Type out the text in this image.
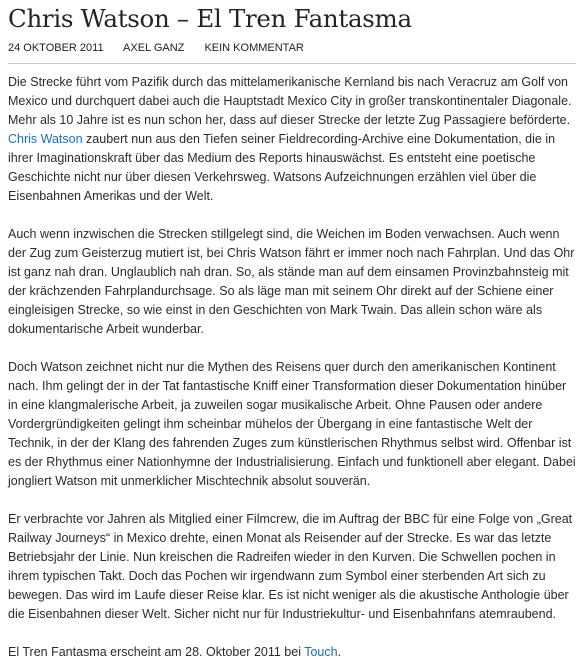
Chris Watson – El Tren Fantasma
24 OKTOBER 2011 AXEL GANZ KEIN KOMMENTAR

Die Strecke führt vom Pazifik durch das mittelamerikanische Kernland bis nach Veracruz am Golf von Mexico und durchquert dabei auch die Hauptstadt Mexico City in großer transkontinentaler Diagonale. Mehr als 10 Jahre ist es nun schon her, dass auf dieser Strecke der letzte Zug Passagiere beförderte. Chris Watson zaubert nun aus den Tiefen seiner Fieldrecording-Archive eine Dokumentation, die in ihrer Imaginationskraft über das Medium des Reports hinauswächst. Es entsteht eine poetische Geschichte nicht nur über diesen Verkehrsweg. Watsons Aufzeichnungen erzählen viel über die Eisenbahnen Amerikas und der Welt.

Auch wenn inzwischen die Strecken stillgelegt sind, die Weichen im Boden verwachsen. Auch wenn der Zug zum Geisterzug mutiert ist, bei Chris Watson fährt er immer noch nach Fahrplan. Und das Ohr ist ganz nah dran. Unglaublich nah dran. So, als stände man auf dem einsamen Provinzbahnsteig mit der krächzenden Fahrplandurchsage. So als läge man mit seinem Ohr direkt auf der Schiene einer eingleisigen Strecke, so wie einst in den Geschichten von Mark Twain. Das allein schon wäre als dokumentarische Arbeit wunderbar.

Doch Watson zeichnet nicht nur die Mythen des Reisens quer durch den amerikanischen Kontinent nach. Ihm gelingt der in der Tat fantastische Kniff einer Transformation dieser Dokumentation hinüber in eine klangmalerische Arbeit, ja zuweilen sogar musikalische Arbeit. Ohne Pausen oder andere Vordergründigkeiten gelingt ihm scheinbar mühelos der Übergang in eine fantastische Welt der Technik, in der der Klang des fahrenden Zuges zum künstlerischen Rhythmus selbst wird. Offenbar ist es der Rhythmus einer Nationhymne der Industrialisierung. Einfach und funktionell aber elegant. Dabei jongliert Watson mit unmerklicher Mischtechnik absolut souverän.

Er verbrachte vor Jahren als Mitglied einer Filmcrew, die im Auftrag der BBC für eine Folge von „Great Railway Journeys“ in Mexico drehte, einen Monat als Reisender auf der Strecke. Es war das letzte Betriebsjahr der Linie. Nun kreischen die Radreifen wieder in den Kurven. Die Schwellen pochen in ihrem typischen Takt. Doch das Pochen wir irgendwann zum Symbol einer sterbenden Art sich zu bewegen. Das wird im Laufe dieser Reise klar. Es ist nicht weniger als die akustische Anthologie über die Eisenbahnen dieser Welt. Sicher nicht nur für Industriekultur- und Eisenbahnfans atemraubend.

El Tren Fantasma erscheint am 28. Oktober 2011 bei Touch.
